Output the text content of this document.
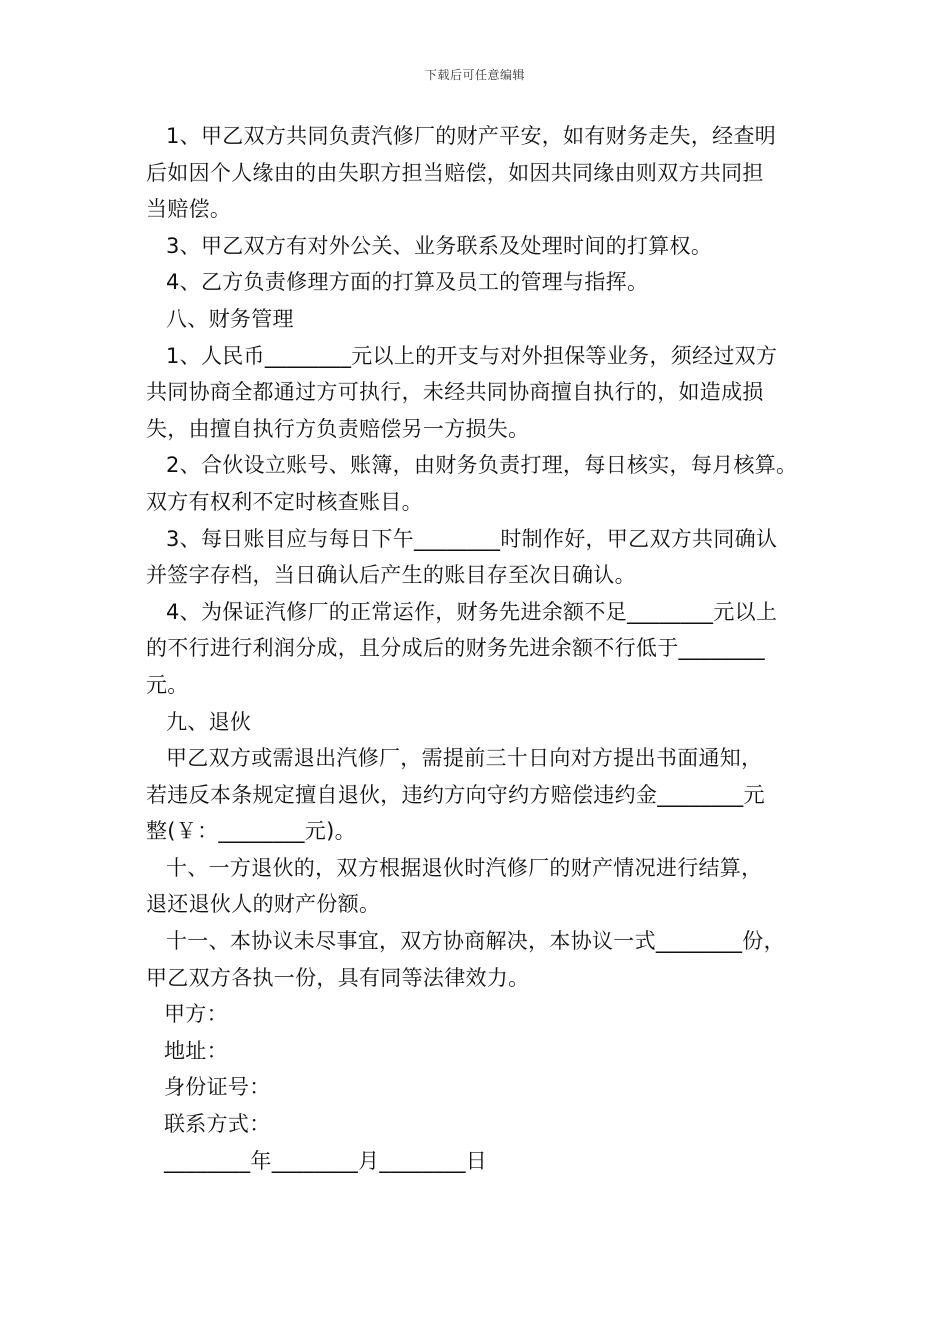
下载后可任意编辑
1、甲乙双方共同负责汽修厂的财产平安，如有财务走失，经查明
后如因个人缘由的由失职方担当赔偿，如因共同缘由则双方共同担
当赔偿。
3、甲乙双方有对外公关、业务联系及处理时间的打算权。
4、乙方负责修理方面的打算及员工的管理与指挥。
八、财务管理
1、人民币________元以上的开支与对外担保等业务，须经过双方
共同协商全都通过方可执行，未经共同协商擅自执行的，如造成损
失，由擅自执行方负责赔偿另一方损失。
2、合伙设立账号、账簿，由财务负责打理，每日核实，每月核算。
双方有权利不定时核查账目。
3、每日账目应与每日下午________时制作好，甲乙双方共同确认
并签字存档，当日确认后产生的账目存至次日确认。
4、为保证汽修厂的正常运作，财务先进余额不足________元以上
的不行进行利润分成，且分成后的财务先进余额不行低于________
元。
九、退伙
甲乙双方或需退出汽修厂，需提前三十日向对方提出书面通知，
若违反本条规定擅自退伙，违约方向守约方赔偿违约金________元
整(￥：________元)。
十、一方退伙的，双方根据退伙时汽修厂的财产情况进行结算，
退还退伙人的财产份额。
十一、本协议未尽事宜，双方协商解决，本协议一式________份，
甲乙双方各执一份，具有同等法律效力。
甲方：
地址：
身份证号：
联系方式：
________年________月________日
